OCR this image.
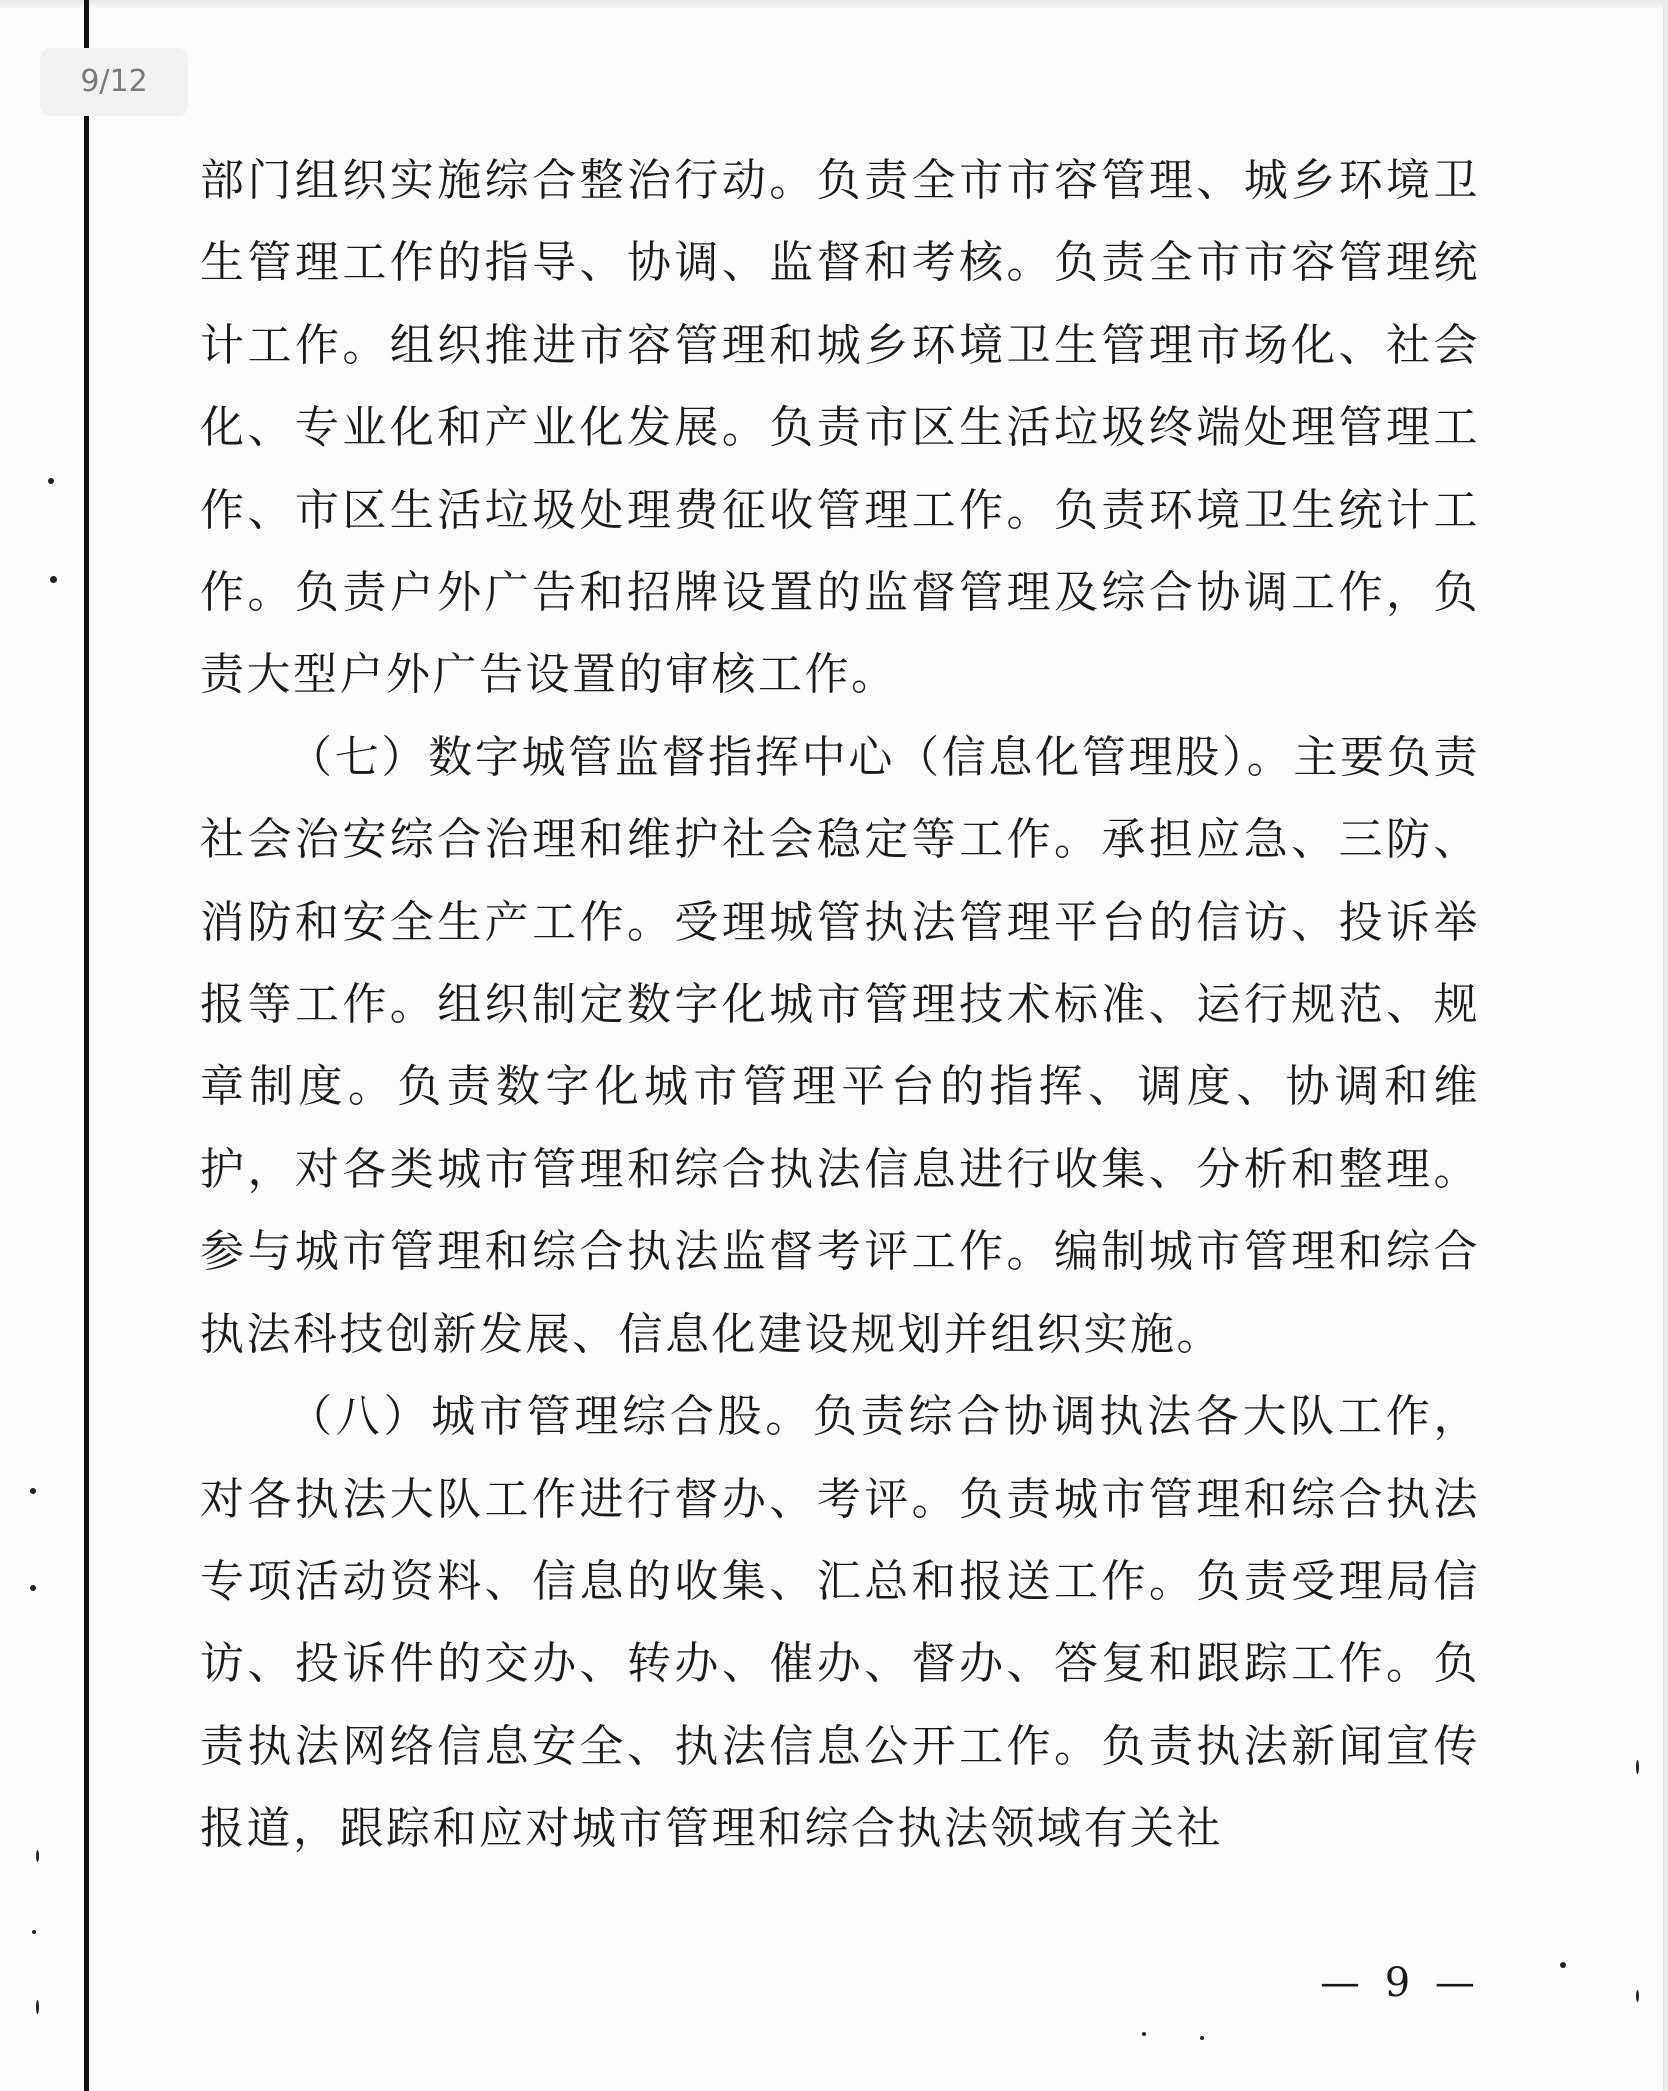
9/12

部门组织实施综合整治行动。负责全市市容管理、城乡环境卫生管理工作的指导、协调、监督和考核。负责全市市容管理统计工作。组织推进市容管理和城乡环境卫生管理市场化、社会化、专业化和产业化发展。负责市区生活垃圾终端处理管理工作、市区生活垃圾处理费征收管理工作。负责环境卫生统计工作。负责户外广告和招牌设置的监督管理及综合协调工作，负责大型户外广告设置的审核工作。

（七）数字城管监督指挥中心（信息化管理股）。主要负责社会治安综合治理和维护社会稳定等工作。承担应急、三防、消防和安全生产工作。受理城管执法管理平台的信访、投诉举报等工作。组织制定数字化城市管理技术标准、运行规范、规章制度。负责数字化城市管理平台的指挥、调度、协调和维护，对各类城市管理和综合执法信息进行收集、分析和整理。参与城市管理和综合执法监督考评工作。编制城市管理和综合执法科技创新发展、信息化建设规划并组织实施。

（八）城市管理综合股。负责综合协调执法各大队工作，对各执法大队工作进行督办、考评。负责城市管理和综合执法专项活动资料、信息的收集、汇总和报送工作。负责受理局信访、投诉件的交办、转办、催办、督办、答复和跟踪工作。负责执法网络信息安全、执法信息公开工作。负责执法新闻宣传报道，跟踪和应对城市管理和综合执法领域有关社

— 9 —
